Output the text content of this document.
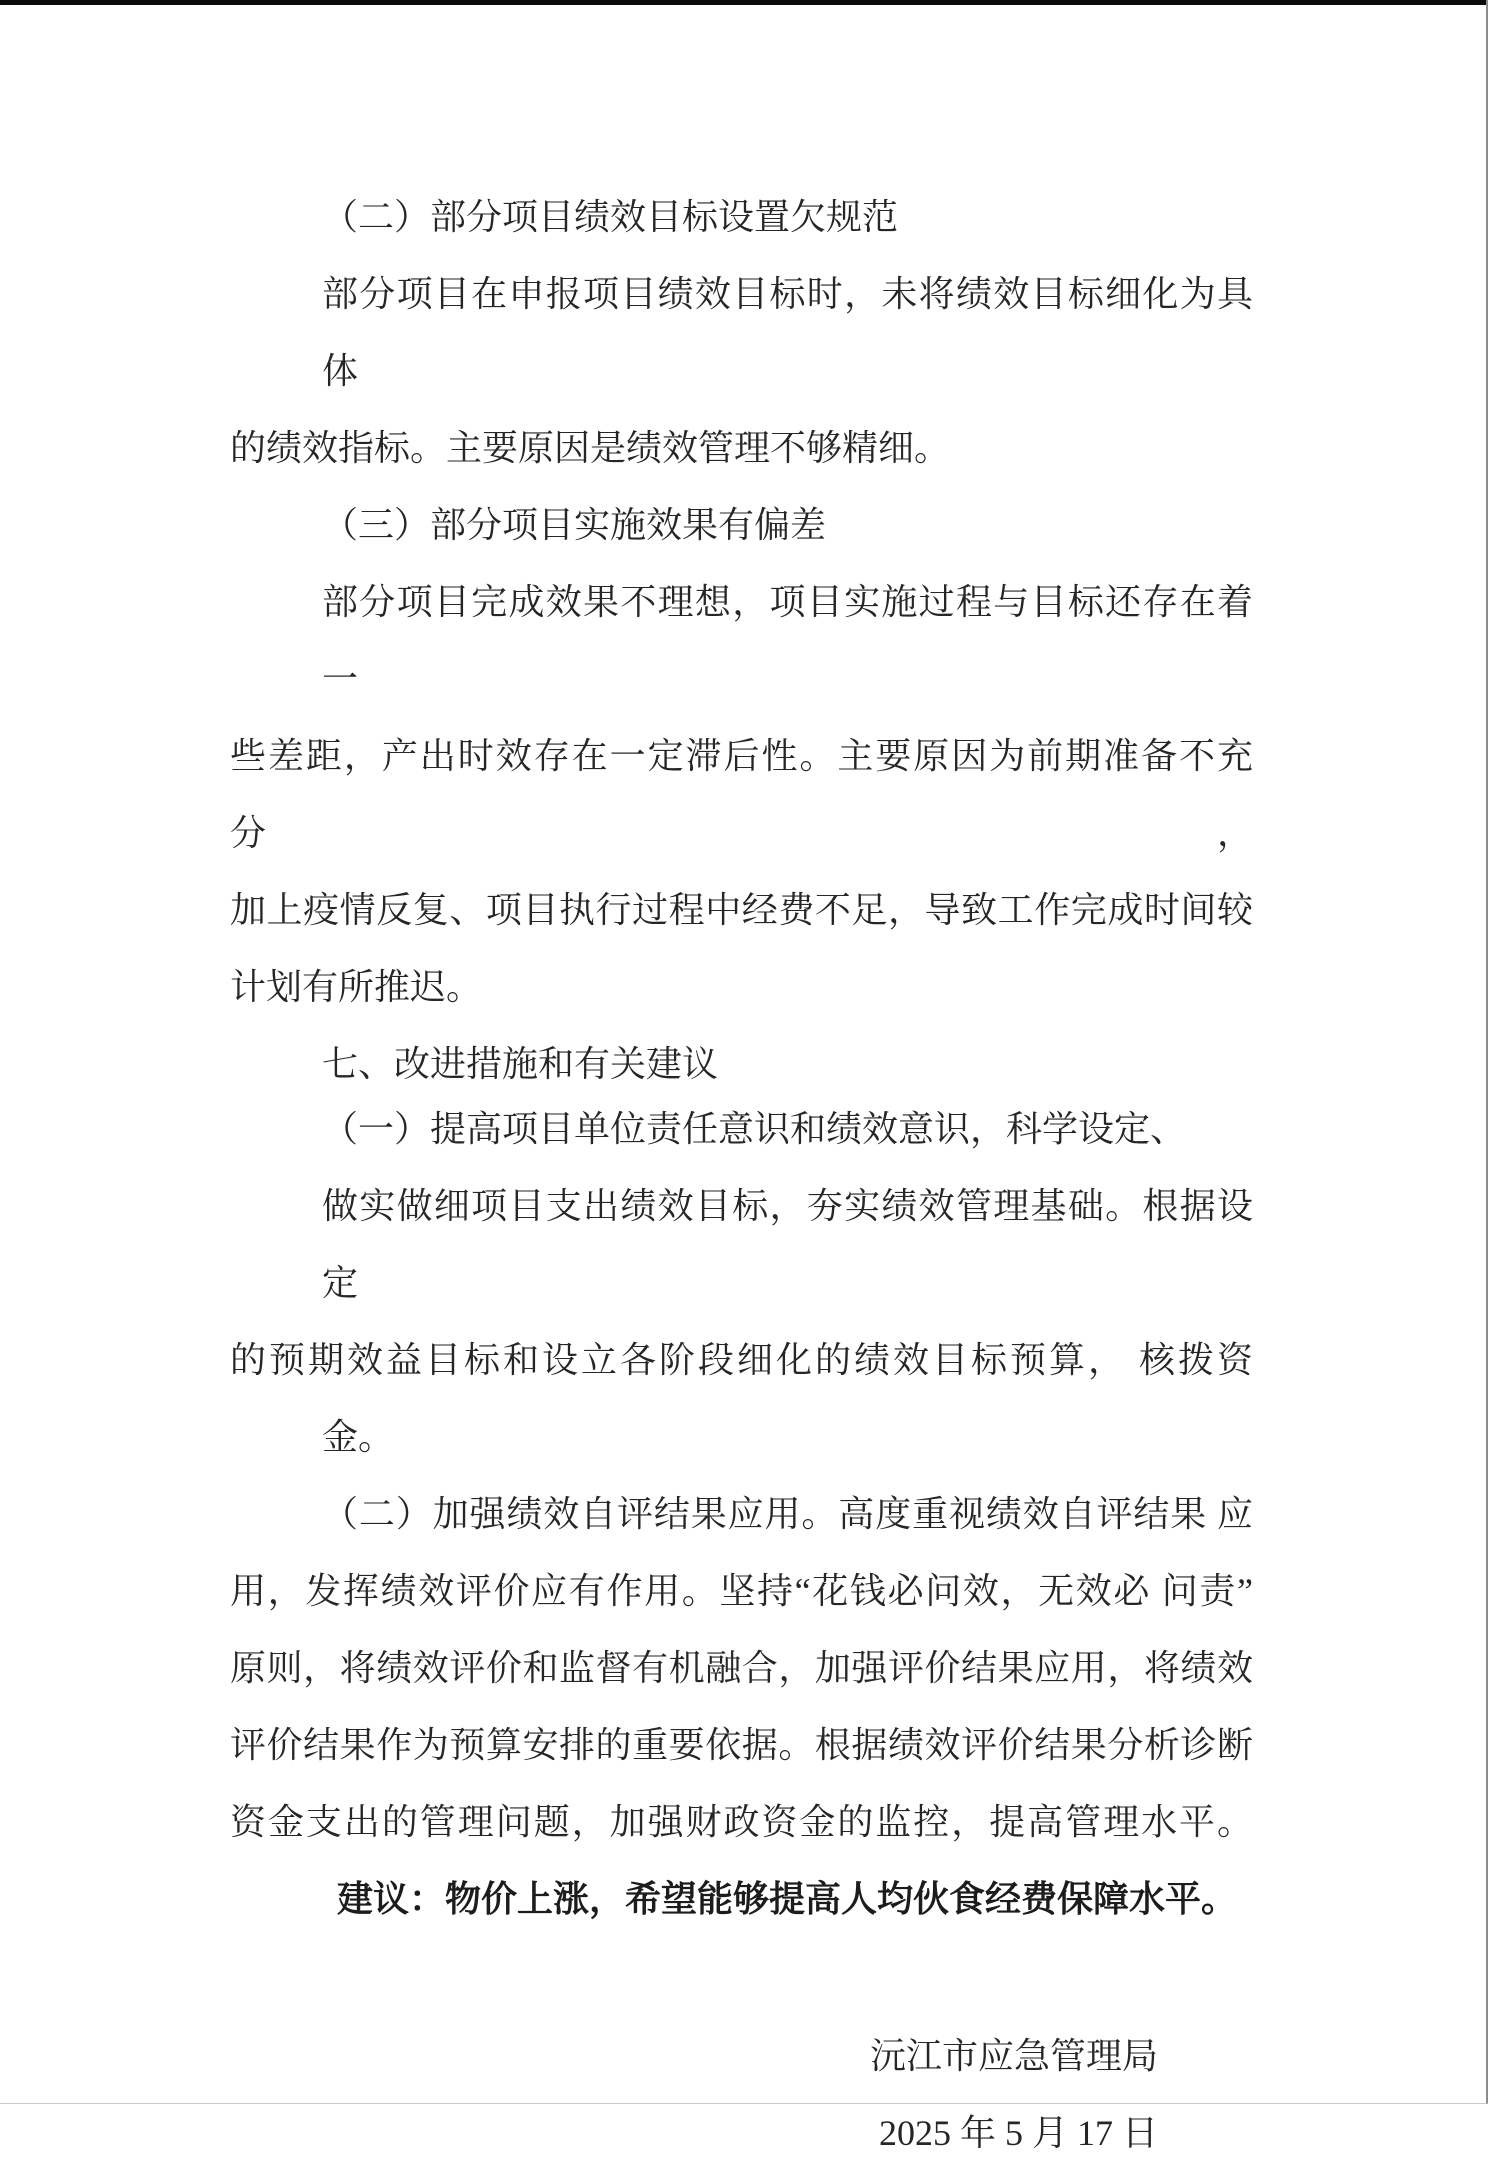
（二）部分项目绩效目标设置欠规范

部分项目在申报项目绩效目标时，未将绩效目标细化为具体

的绩效指标。主要原因是绩效管理不够精细。

（三）部分项目实施效果有偏差

部分项目完成效果不理想，项目实施过程与目标还存在着一

些差距，产出时效存在一定滞后性。主要原因为前期准备不充分，

加上疫情反复、项目执行过程中经费不足，导致工作完成时间较

计划有所推迟。

七、改进措施和有关建议

（一）提高项目单位责任意识和绩效意识，科学设定、

做实做细项目支出绩效目标，夯实绩效管理基础。根据设定

的预期效益目标和设立各阶段细化的绩效目标预算， 核拨资

金。

（二）加强绩效自评结果应用。高度重视绩效自评结果 应

用，发挥绩效评价应有作用。坚持“花钱必问效，无效必 问责”

原则，将绩效评价和监督有机融合，加强评价结果应用，将绩效

评价结果作为预算安排的重要依据。根据绩效评价结果分析诊断

资金支出的管理问题，加强财政资金的监控，提高管理水平。

建议：物价上涨，希望能够提高人均伙食经费保障水平。

沅江市应急管理局

2025 年 5 月 17 日
